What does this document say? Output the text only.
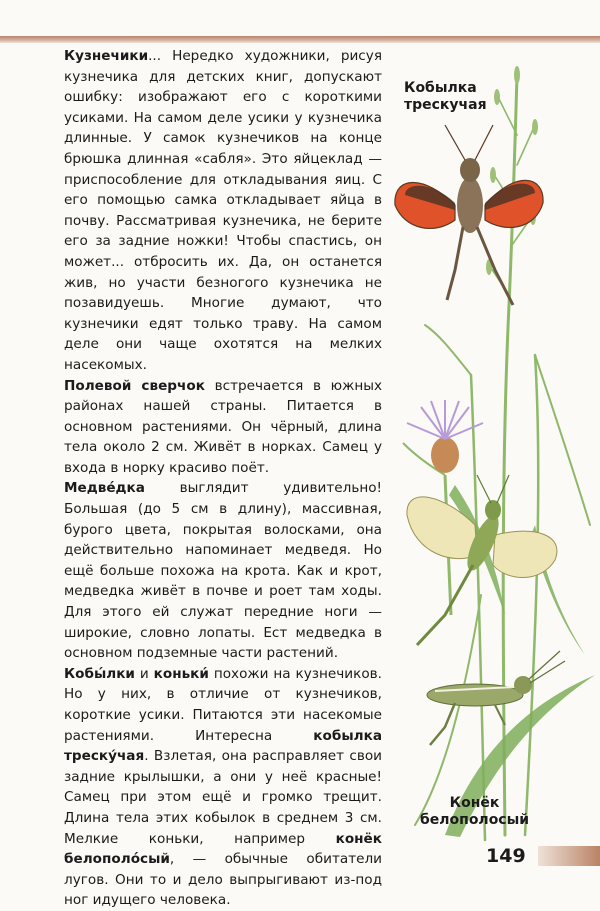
Кузнечики... Нередко художники, рисуя кузнечика для детских книг, допускают ошибку: изображают его с короткими усиками. На самом деле усики у кузнечика длинные. У самок кузнечиков на конце брюшка длинная «сабля». Это яйцеклад — приспособление для откладывания яиц. С его помощью самка откладывает яйца в почву. Рассматривая кузнечика, не берите его за задние ножки! Чтобы спастись, он может... отбросить их. Да, он останется жив, но участи безногого кузнечика не позавидуешь. Многие думают, что кузнечики едят только траву. На самом деле они чаще охотятся на мелких насекомых.

Полевой сверчок встречается в южных районах нашей страны. Питается в основном растениями. Он чёрный, длина тела около 2 см. Живёт в норках. Самец у входа в норку красиво поёт.

Медве́дка выглядит удивительно! Большая (до 5 см в длину), массивная, бурого цвета, покрытая волосками, она действительно напоминает медведя. Но ещё больше похожа на крота. Как и крот, медведка живёт в почве и роет там ходы. Для этого ей служат передние ноги — широкие, словно лопаты. Ест медведка в основном подземные части растений.

Кобы́лки и коньки́ похожи на кузнечиков. Но у них, в отличие от кузнечиков, короткие усики. Питаются эти насекомые растениями. Интересна кобылка трескýчая. Взлетая, она расправляет свои задние крылышки, а они у неё красные! Самец при этом ещё и громко трещит. Длина тела этих кобылок в среднем 3 см. Мелкие коньки, например конёк белополо́сый, — обычные обитатели лугов. Они то и дело выпрыгивают из-под ног идущего человека.

Кобылка
трескучая
Конёк
белополосый
149
